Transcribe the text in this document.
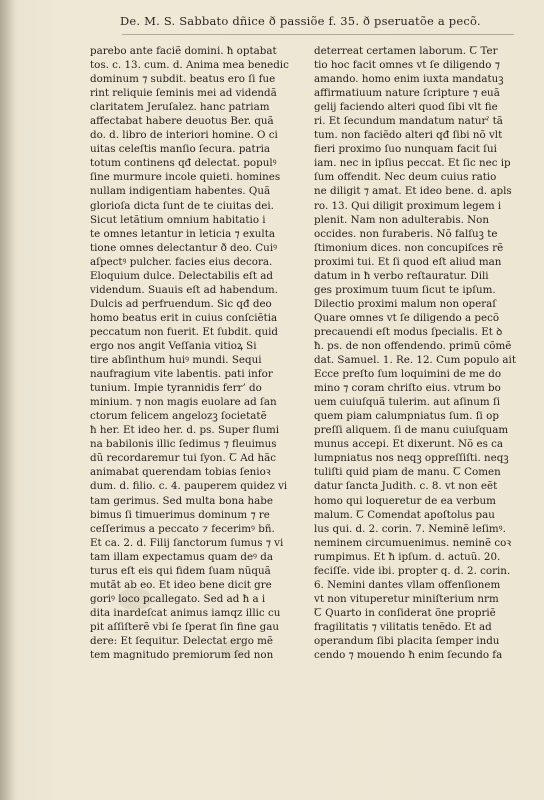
De. M. S. Sabbato dñice ð passiõe f. 35. ð pseruatõe a pecõ.
parebo ante faciẽ domini. ħ optabat
tos. c. 13. cum. d. Anima mea benedic
dominum ⁊ subdit. beatus ero ſi fue
rint reliquie ſeminis mei ad videndã
claritatem Jeruſalez. hanc patriam
affectabat habere deuotus Ber. quã
do. d. libro de interiori homine. O ci
uitas celeſtis manſio ſecura. patria
totum continens qđ delectat. populꝰ
ſine murmure incole quieti. homines
nullam indigentiam habentes. Quã
glorioſa dicta ſunt de te ciuitas dei.
Sicut letãtium omnium habitatio i
te omnes letantur in leticia ⁊ exulta
tione omnes delectantur ð deo. Cuiꝰ
aſpectꝰ pulcher. facies eius decora.
Eloquium dulce. Delectabilis eſt ad
videndum. Suauis eſt ad habendum.
Dulcis ad perfruendum. Sic qđ deo
homo beatus erit in cuius conſciẽtia
peccatum non fuerit. Et ſubdit. quid
ergo nos angit Veſſania vitioꝝ Si
tire abſinthum huiꝰ mundi. Sequi
naufragium vite labentis. pati infor
tunium. Impie tyrannidis ferr’ do
minium. ⁊ non magis euolare ad ſan
ctorum felicem angelozꝫ ſocietatẽ
ħ her. Et ideo her. d. ps. Super flumi
na babilonis illic ſedimus ⁊ fleuimus
dũ recordaremur tui ſyon. Ꞇ Ad hãc
animabat querendam tobias ſenioꝛ
dum. d. filio. c. 4. pauperem quidez vi
tam gerimus. Sed multa bona habe
bimus ſi timuerimus dominum ⁊ re
ceſſerimus a peccato ⁊ fecerimꝰ bñ.
Et ca. 2. d. Filij ſanctorum ſumus ⁊ vi
tam illam expectamus quam deꝰ da
turus eſt eis qui fidem ſuam nũquã
mutãt ab eo. Et ideo bene dicit gre
goriꝰ loco pcallegato. Sed ad ħ a i
dita inardeſcat animus iamqz illic cu
pit aſſiſterẽ vbi ſe ſperat ſin fine gau
dere: Et ſequitur. Delectat ergo mẽ
tem magnitudo premiorum ſed non
deterreat certamen laborum. Ꞇ Ter
tio hoc facit omnes vt ſe diligendo ⁊
amando. homo enim iuxta mandatuꝫ
affirmatiuum nature ſcripture ⁊ euã
gelij faciendo alteri quod ſibi vlt fie
ri. Et ſecundum mandatum naturˀ tã
tum. non faciẽdo alteri qđ ſibi nõ vlt
fieri proximo ſuo nunquam facit ſui
iam. nec in ipſius peccat. Et ſic nec ip
ſum offendit. Nec deum cuius ratio
ne diligit ⁊ amat. Et ideo bene. d. apls
ro. 13. Qui diligit proximum legem i
plenit. Nam non adulterabis. Non
occides. non furaberis. Nõ falſuꝫ te
ſtimonium dices. non concupiſces rẽ
proximi tui. Et ſi quod eſt aliud man
datum in ħ verbo reſtauratur. Dili
ges proximum tuum ſicut te ipſum.
Dilectio proximi malum non operaſ
Quare omnes vt ſe diligendo a pecõ
precauendi eſt modus ſpecialis. Et ꝺ
ħ. ps. de non offendendo. primũ cõmẽ
dat. Samuel. 1. Re. 12. Cum populo ait
Ecce preſto ſum loquimini de me do
mino ⁊ coram chriſto eius. vtrum bo
uem cuiuſquã tulerim. aut aſinum ſi
quem piam calumpniatus ſum. ſi op
preſſi aliquem. ſi de manu cuiuſquam
munus accepi. Et dixerunt. Nõ es ca
lumpniatus nos neqꝫ oppreſſiſti. neqꝫ
tuliſti quid piam de manu. Ꞇ Comen
datur ſancta Judith. c. 8. vt non eẽt
homo qui loqueretur de ea verbum
malum. Ꞇ Comendat apoſtolus pau
lus qui. d. 2. corin. 7. Neminẽ leſimꝰ.
neminem circumuenimus. neminẽ coꝛ
rumpimus. Et ħ ipſum. d. actuũ. 20.
feciſſe. vide ibi. propter q. d. 2. corin.
6. Nemini dantes vllam offenſionem
vt non vituperetur miniſterium nrm
Ꞇ Quarto in conſiderat õne propriẽ
fragilitatis ⁊ vilitatis tenẽdo. Et ad
operandum ſibi placita ſemper indu
cendo ⁊ mouendo ħ enim ſecundo fa
